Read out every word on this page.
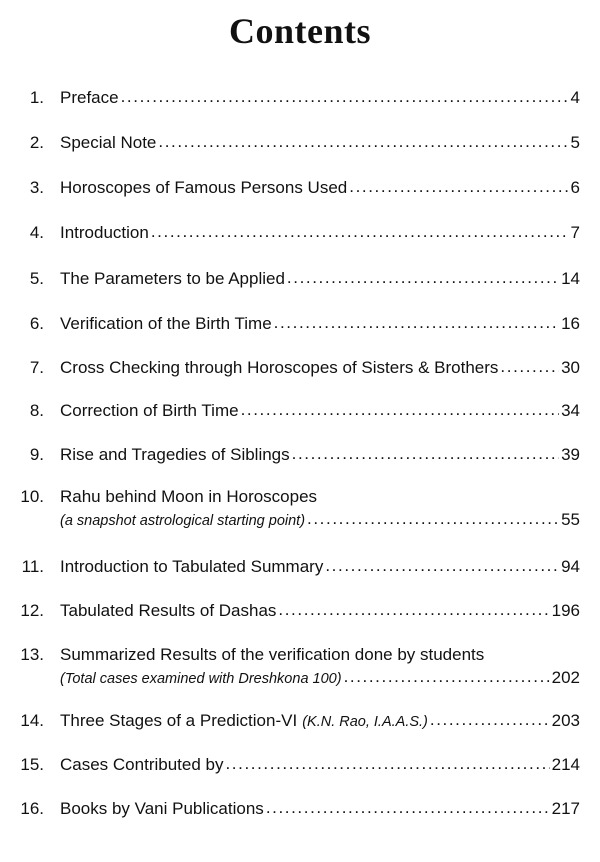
Contents
1. Preface .....	4
2. Special Note .....	5
3. Horoscopes of Famous Persons Used .....	6
4. Introduction .....	7
5. The Parameters to be Applied .....	14
6. Verification of the Birth Time .....	16
7. Cross Checking through Horoscopes of Sisters & Brothers .....	30
8. Correction of Birth Time .....	34
9. Rise and Tragedies of Siblings .....	39
10. Rahu behind Moon in Horoscopes
(a snapshot astrological starting point) .....	55
11. Introduction to Tabulated Summary .....	94
12. Tabulated Results of Dashas .....	196
13. Summarized Results of the verification done by students
(Total cases examined with Dreshkona 100) .....	202
14. Three Stages of a Prediction-VI (K.N. Rao, I.A.A.S.) .....	203
15. Cases Contributed by .....	214
16. Books by Vani Publications .....	217
